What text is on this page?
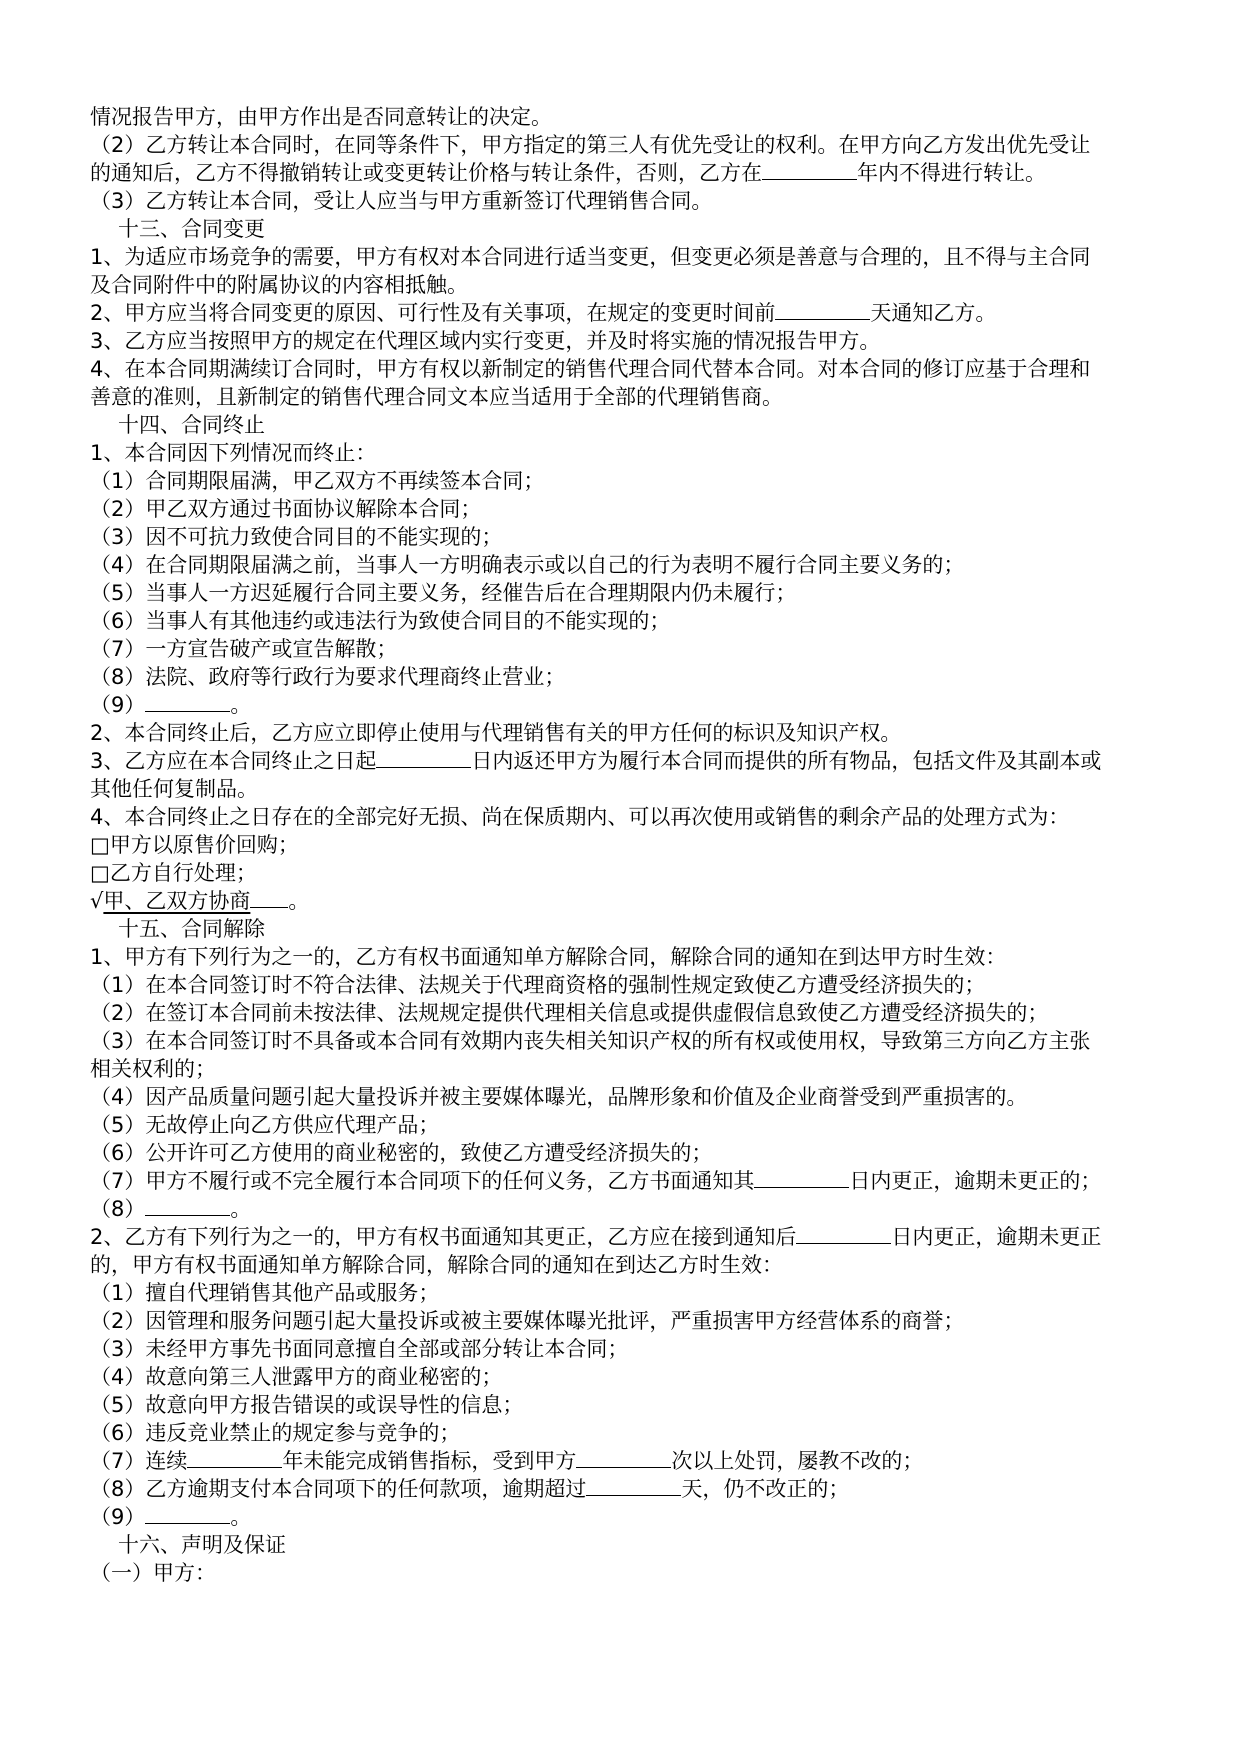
情况报告甲方，由甲方作出是否同意转让的决定。
（2）乙方转让本合同时，在同等条件下，甲方指定的第三人有优先受让的权利。在甲方向乙方发出优先受让
的通知后，乙方不得撤销转让或变更转让价格与转让条件，否则，乙方在	年内不得进行转让。
（3）乙方转让本合同，受让人应当与甲方重新签订代理销售合同。
十三、合同变更
1、为适应市场竞争的需要，甲方有权对本合同进行适当变更，但变更必须是善意与合理的，且不得与主合同
及合同附件中的附属协议的内容相抵触。
2、甲方应当将合同变更的原因、可行性及有关事项，在规定的变更时间前	天通知乙方。
3、乙方应当按照甲方的规定在代理区域内实行变更，并及时将实施的情况报告甲方。
4、在本合同期满续订合同时，甲方有权以新制定的销售代理合同代替本合同。对本合同的修订应基于合理和
善意的准则，且新制定的销售代理合同文本应当适用于全部的代理销售商。
十四、合同终止
1、本合同因下列情况而终止：
（1）合同期限届满，甲乙双方不再续签本合同；
（2）甲乙双方通过书面协议解除本合同；
（3）因不可抗力致使合同目的不能实现的；
（4）在合同期限届满之前，当事人一方明确表示或以自己的行为表明不履行合同主要义务的；
（5）当事人一方迟延履行合同主要义务，经催告后在合理期限内仍未履行；
（6）当事人有其他违约或违法行为致使合同目的不能实现的；
（7）一方宣告破产或宣告解散；
（8）法院、政府等行政行为要求代理商终止营业；
（9）	。
2、本合同终止后，乙方应立即停止使用与代理销售有关的甲方任何的标识及知识产权。
3、乙方应在本合同终止之日起	日内返还甲方为履行本合同而提供的所有物品，包括文件及其副本或
其他任何复制品。
4、本合同终止之日存在的全部完好无损、尚在保质期内、可以再次使用或销售的剩余产品的处理方式为：
□甲方以原售价回购；
□乙方自行处理；
√甲、乙双方协商 。
十五、合同解除
1、甲方有下列行为之一的，乙方有权书面通知单方解除合同，解除合同的通知在到达甲方时生效：
（1）在本合同签订时不符合法律、法规关于代理商资格的强制性规定致使乙方遭受经济损失的；
（2）在签订本合同前未按法律、法规规定提供代理相关信息或提供虚假信息致使乙方遭受经济损失的；
（3）在本合同签订时不具备或本合同有效期内丧失相关知识产权的所有权或使用权，导致第三方向乙方主张
相关权利的；
（4）因产品质量问题引起大量投诉并被主要媒体曝光，品牌形象和价值及企业商誉受到严重损害的。
（5）无故停止向乙方供应代理产品；
（6）公开许可乙方使用的商业秘密的，致使乙方遭受经济损失的；
（7）甲方不履行或不完全履行本合同项下的任何义务，乙方书面通知其	日内更正，逾期未更正的；
（8）	。
2、乙方有下列行为之一的，甲方有权书面通知其更正，乙方应在接到通知后	日内更正，逾期未更正
的，甲方有权书面通知单方解除合同，解除合同的通知在到达乙方时生效：
（1）擅自代理销售其他产品或服务；
（2）因管理和服务问题引起大量投诉或被主要媒体曝光批评，严重损害甲方经营体系的商誉；
（3）未经甲方事先书面同意擅自全部或部分转让本合同；
（4）故意向第三人泄露甲方的商业秘密的；
（5）故意向甲方报告错误的或误导性的信息；
（6）违反竞业禁止的规定参与竞争的；
（7）连续	年未能完成销售指标，受到甲方	次以上处罚，屡教不改的；
（8）乙方逾期支付本合同项下的任何款项，逾期超过	天，仍不改正的；
（9）	。
十六、声明及保证
（一）甲方：
